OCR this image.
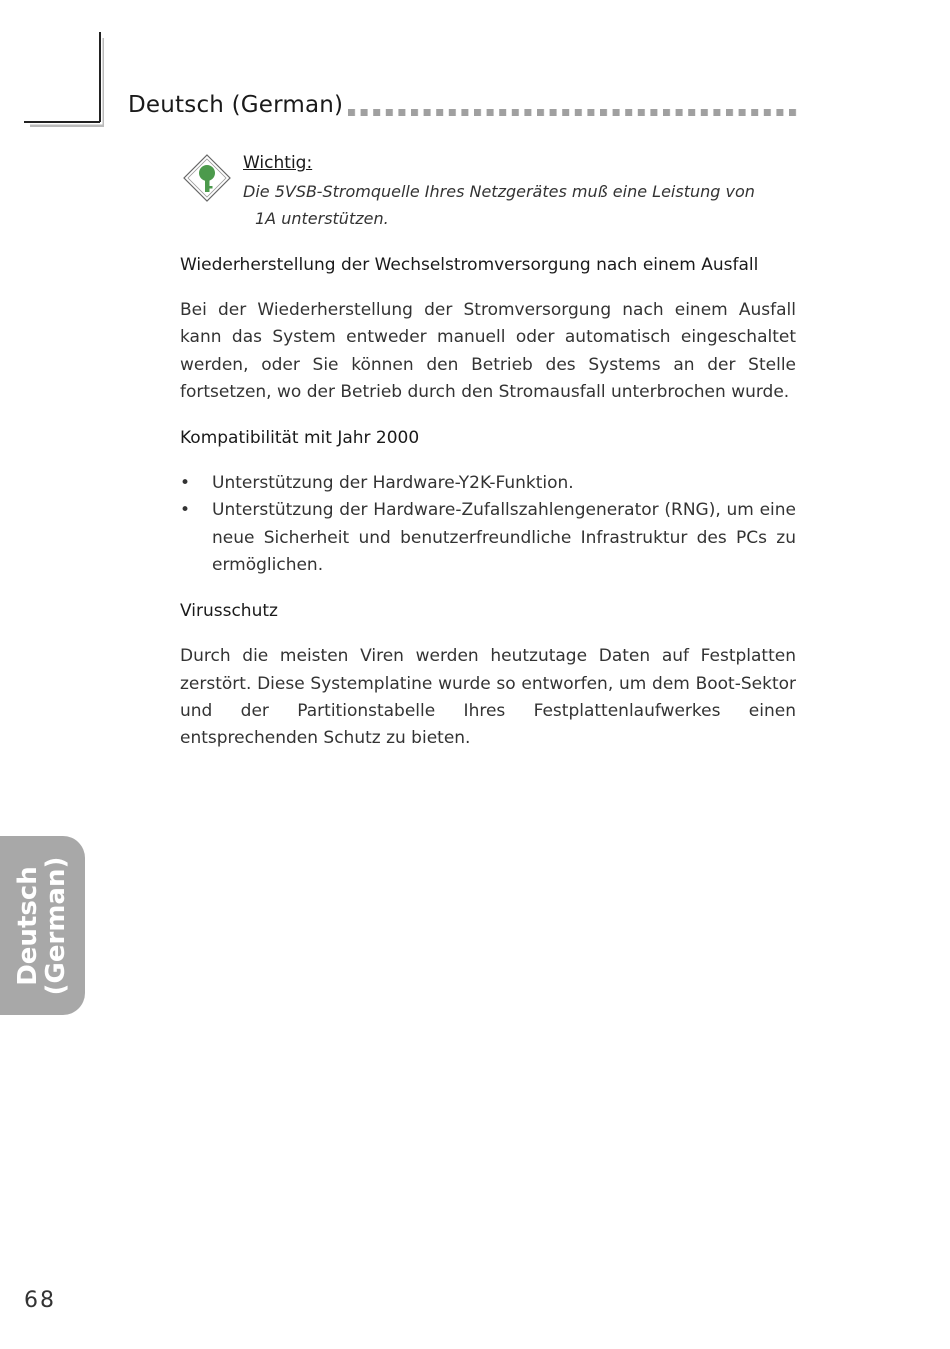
Deutsch (German)

Wichtig:

Die 5VSB-Stromquelle Ihres Netzgerätes muß eine Leistung von
1A unterstützen.

Wiederherstellung der Wechselstromversorgung nach einem Ausfall

Bei der Wiederherstellung der Stromversorgung nach einem Ausfall kann das System entweder manuell oder automatisch eingeschaltet werden, oder Sie können den Betrieb des Systems an der Stelle fortsetzen, wo der Betrieb durch den Stromausfall unterbrochen wurde.

Kompatibilität mit Jahr 2000
• Unterstützung der Hardware-Y2K-Funktion.
• Unterstützung der Hardware-Zufallszahlengenerator (RNG), um eine neue Sicherheit und benutzerfreundliche Infrastruktur des PCs zu ermöglichen.
Virusschutz

Durch die meisten Viren werden heutzutage Daten auf Festplatten zerstört. Diese Systemplatine wurde so entworfen, um dem Boot-Sektor und der Partitionstabelle Ihres Festplattenlaufwerkes einen entsprechenden Schutz zu bieten.

Deutsch
(German)
68
